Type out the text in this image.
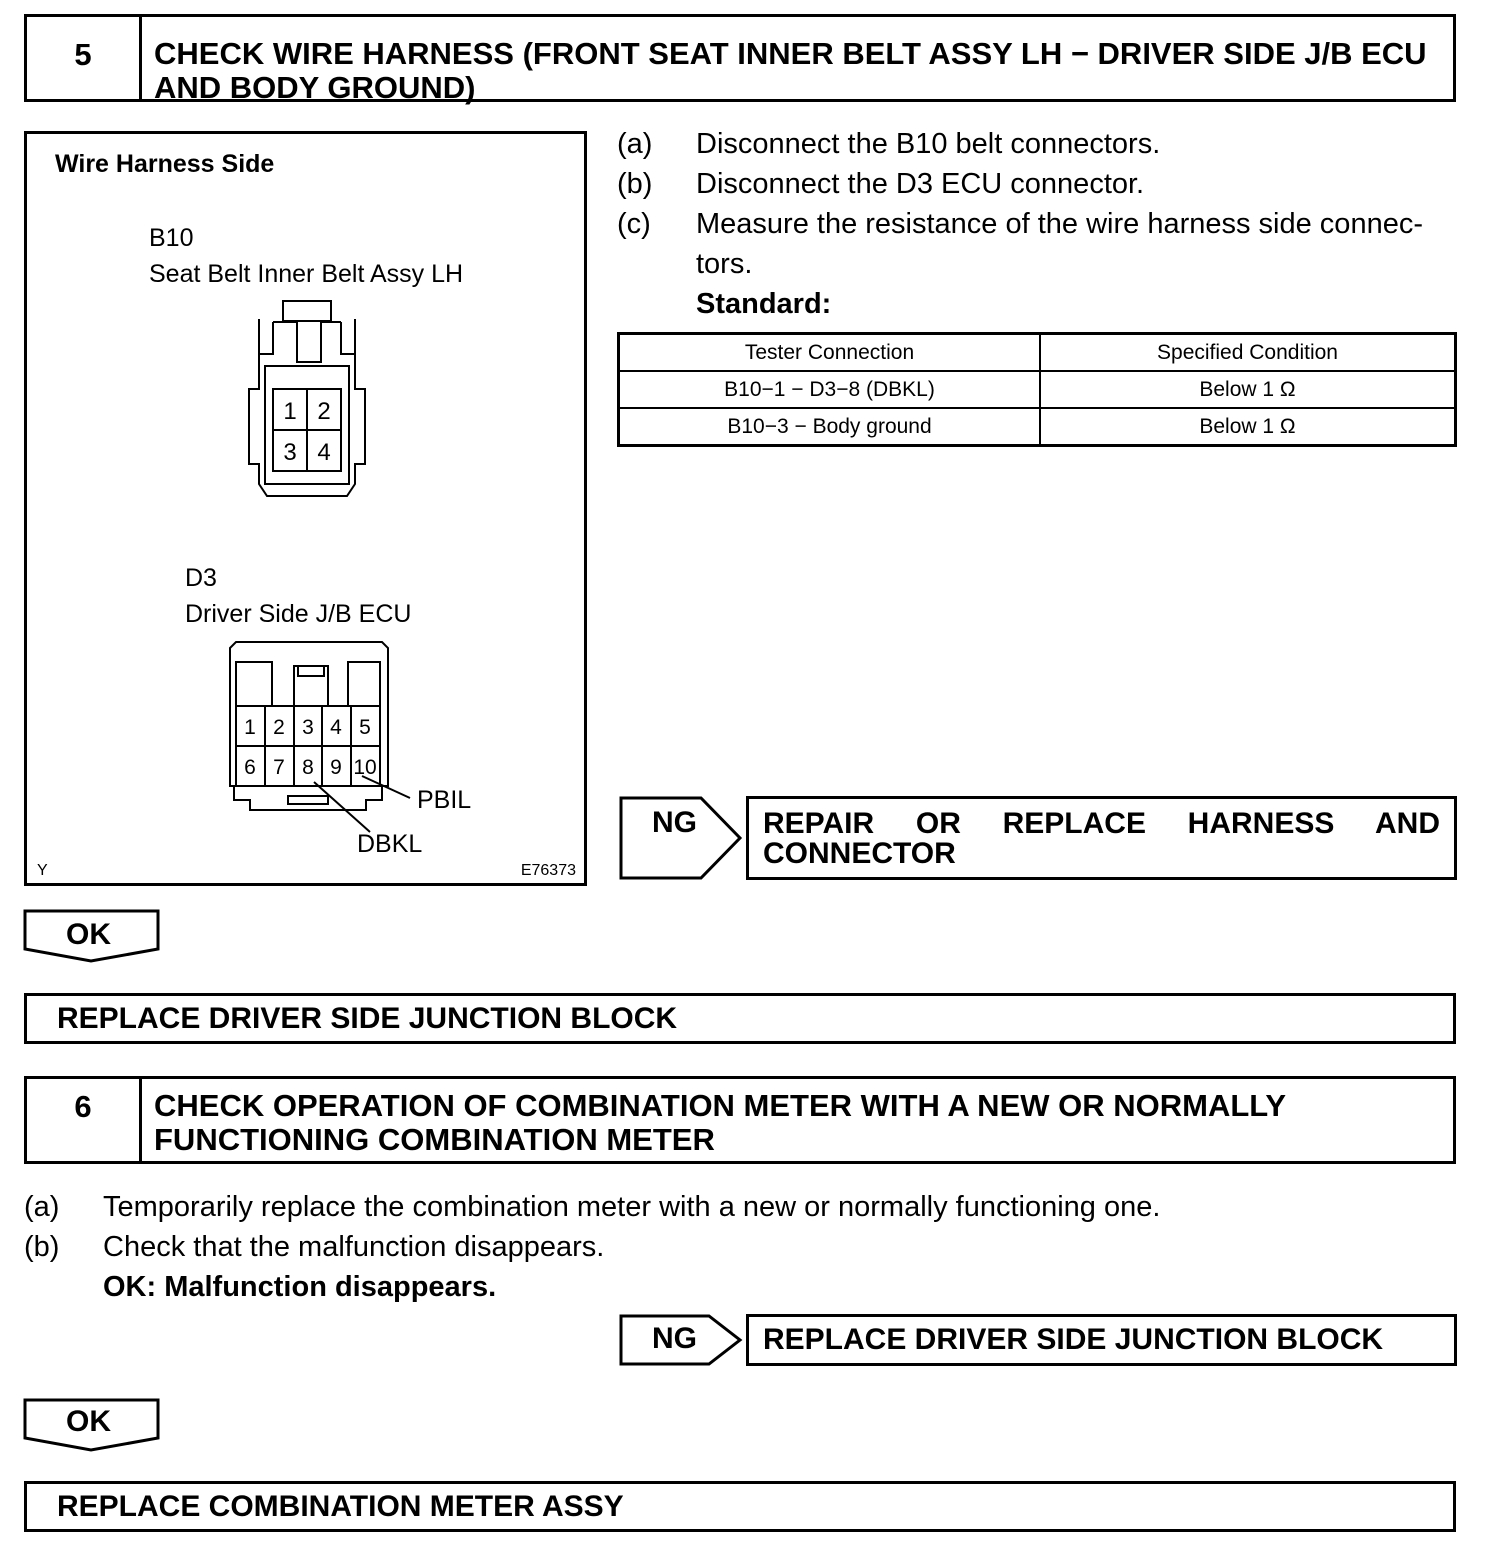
5	CHECK WIRE HARNESS (FRONT SEAT INNER BELT ASSY LH − DRIVER SIDE J/B ECU AND BODY GROUND)
Wire Harness Side
B10
Seat Belt Inner Belt Assy LH
1 2
3 4
D3
Driver Side J/B ECU
1 2 3 4 5
6 7 8 9 10
PBIL
DBKL
Y	E76373
(a)	Disconnect the B10 belt connectors.
(b)	Disconnect the D3 ECU connector.
(c)	Measure the resistance of the wire harness side connec-
tors.
Standard:
Tester Connection	Specified Condition
B10−1 − D3−8 (DBKL)	Below 1 Ω
B10−3 − Body ground	Below 1 Ω
NG REPAIR OR REPLACE HARNESS AND
CONNECTOR
OK
REPLACE DRIVER SIDE JUNCTION BLOCK
6	CHECK OPERATION OF COMBINATION METER WITH A NEW OR NORMALLY FUNCTIONING COMBINATION METER
(a)	Temporarily replace the combination meter with a new or normally functioning one.
(b)	Check that the malfunction disappears.
OK: Malfunction disappears.
NG	REPLACE DRIVER SIDE JUNCTION BLOCK
OK
REPLACE COMBINATION METER ASSY
